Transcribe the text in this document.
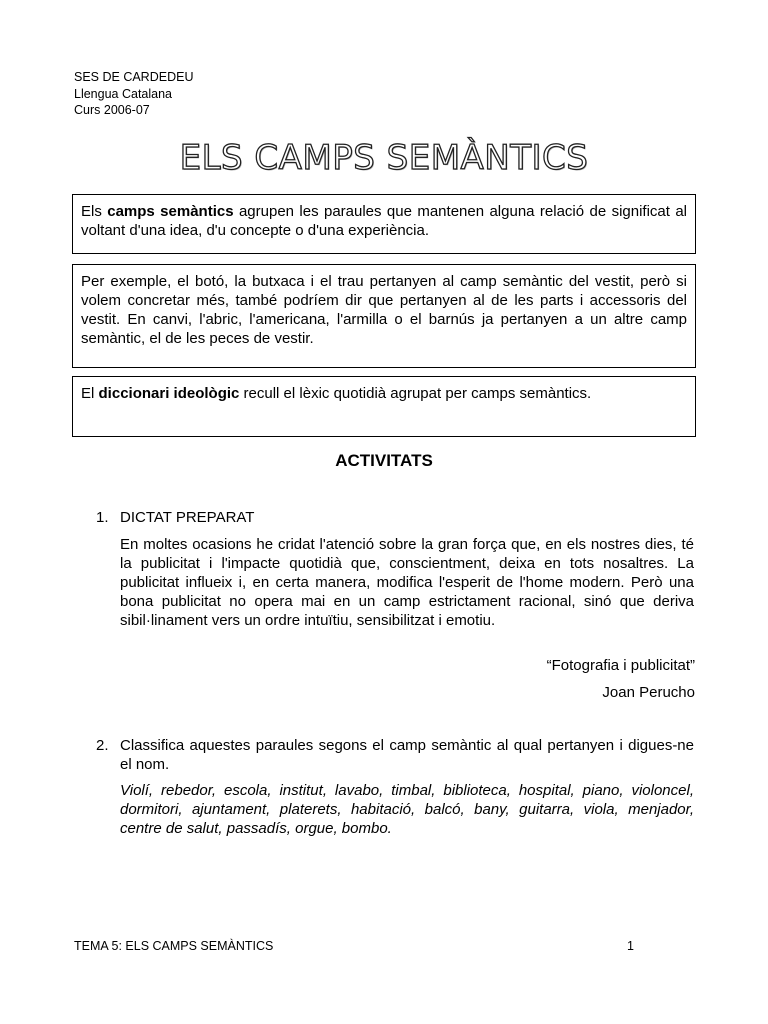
SES DE CARDEDEU
Llengua Catalana
Curs 2006-07
ELS CAMPS SEMÀNTICS
Els camps semàntics agrupen les paraules que mantenen alguna relació de significat al voltant d'una idea, d'u concepte o d'una experiència.
Per exemple, el botó, la butxaca i el trau pertanyen al camp semàntic del vestit, però si volem concretar més, també podríem dir que pertanyen al de les parts i accessoris del vestit. En canvi, l'abric, l'americana, l'armilla o el barnús ja pertanyen a un altre camp semàntic, el de les peces de vestir.
El diccionari ideològic recull el lèxic quotidià agrupat per camps semàntics.
ACTIVITATS
1. DICTAT PREPARAT
En moltes ocasions he cridat l'atenció sobre la gran força que, en els nostres dies, té la publicitat i l'impacte quotidià que, conscientment, deixa en tots nosaltres. La publicitat influeix i, en certa manera, modifica l'esperit de l'home modern. Però una bona publicitat no opera mai en un camp estrictament racional, sinó que deriva sibil·linament vers un ordre intuïtiu, sensibilitzat i emotiu.
“Fotografia i publicitat”
Joan Perucho
2. Classifica aquestes paraules segons el camp semàntic al qual pertanyen i digues-ne el nom.
Violí, rebedor, escola, institut, lavabo, timbal, biblioteca, hospital, piano, violoncel, dormitori, ajuntament, platerets, habitació, balcó, bany, guitarra, viola, menjador, centre de salut, passadís, orgue, bombo.
TEMA 5: ELS CAMPS SEMÀNTICS	1
